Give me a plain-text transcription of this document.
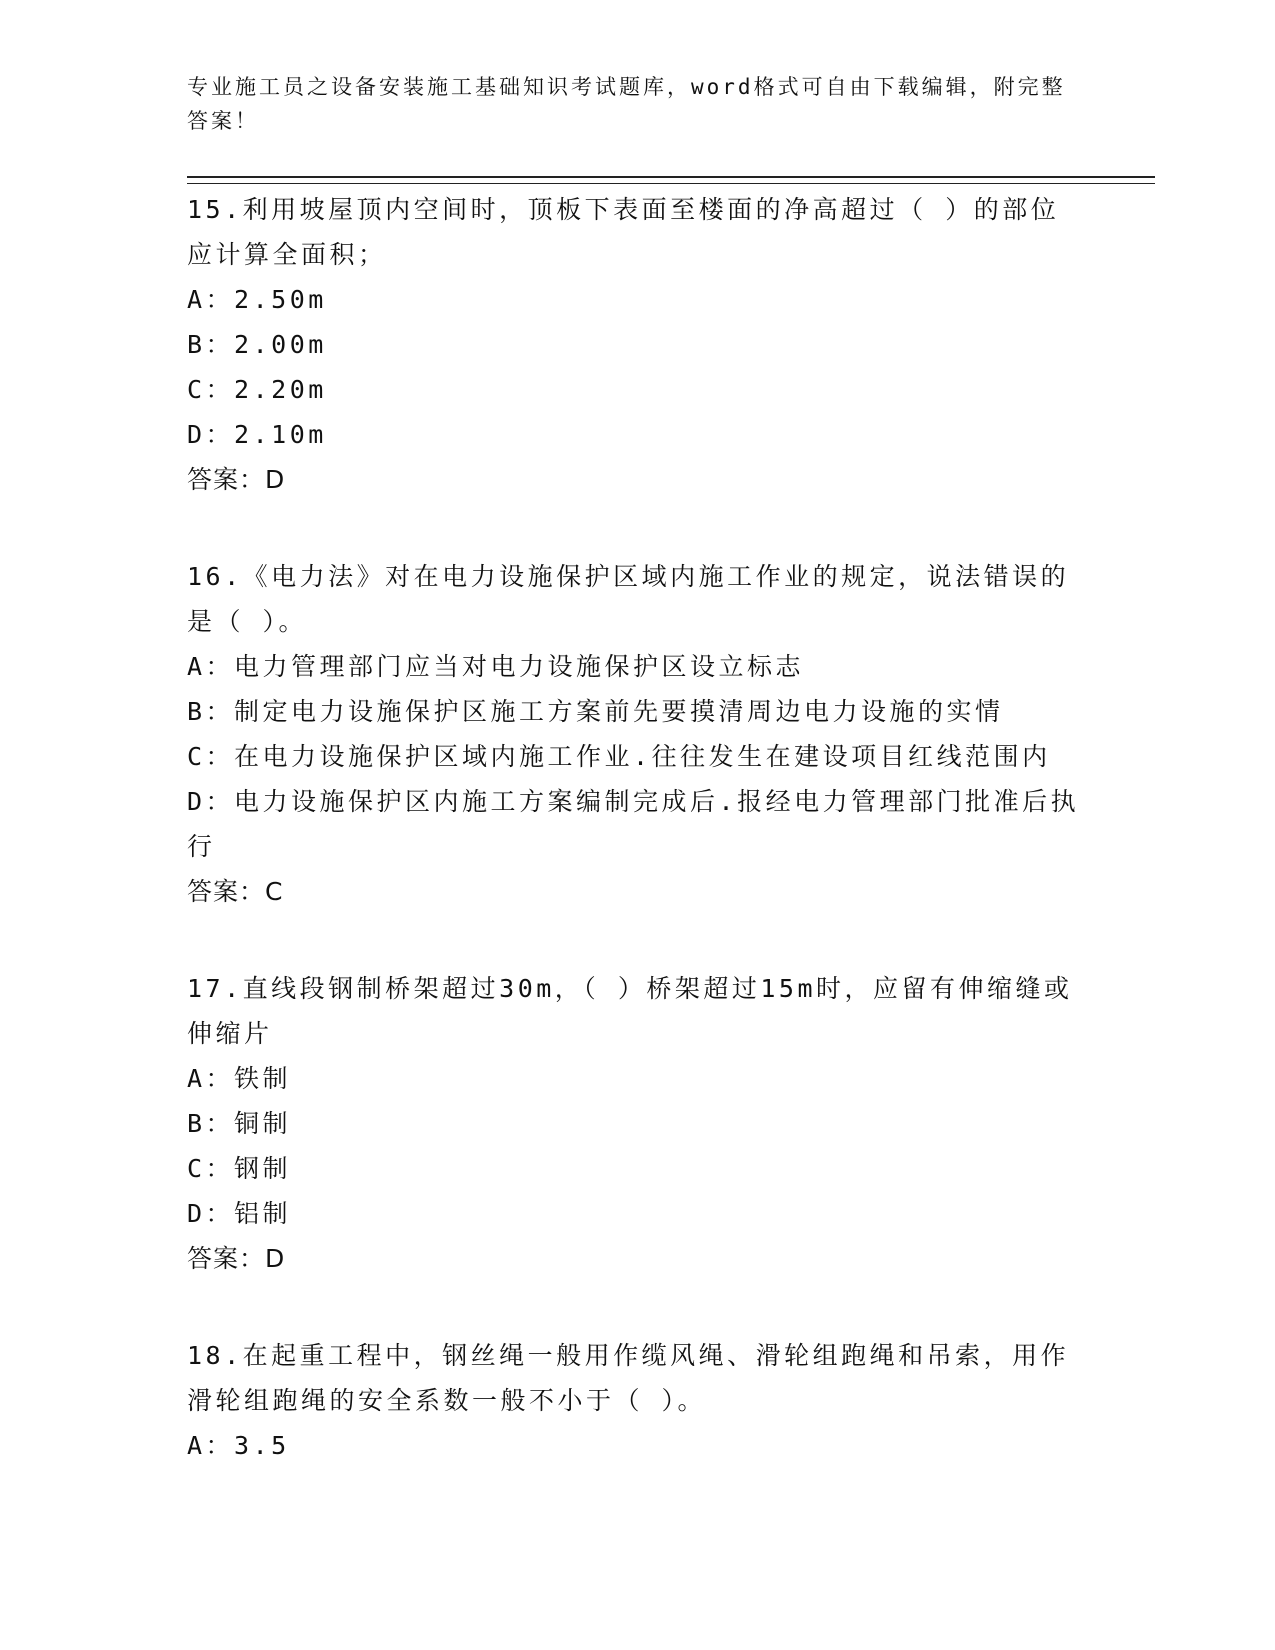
专业施工员之设备安装施工基础知识考试题库，word格式可自由下载编辑，附完整答案！

15.利用坡屋顶内空间时，顶板下表面至楼面的净高超过（ ）的部位应计算全面积；

A：2.50m

B：2.00m

C：2.20m

D：2.10m

答案：D

16.《电力法》对在电力设施保护区域内施工作业的规定，说法错误的是（ ）。

A：电力管理部门应当对电力设施保护区设立标志

B：制定电力设施保护区施工方案前先要摸清周边电力设施的实情

C：在电力设施保护区域内施工作业.往往发生在建设项目红线范围内

D：电力设施保护区内施工方案编制完成后.报经电力管理部门批准后执行

答案：C

17.直线段钢制桥架超过30m，（ ）桥架超过15m时，应留有伸缩缝或伸缩片

A：铁制

B：铜制

C：钢制

D：铝制

答案：D

18.在起重工程中，钢丝绳一般用作缆风绳、滑轮组跑绳和吊索，用作滑轮组跑绳的安全系数一般不小于（ ）。

A：3.5
